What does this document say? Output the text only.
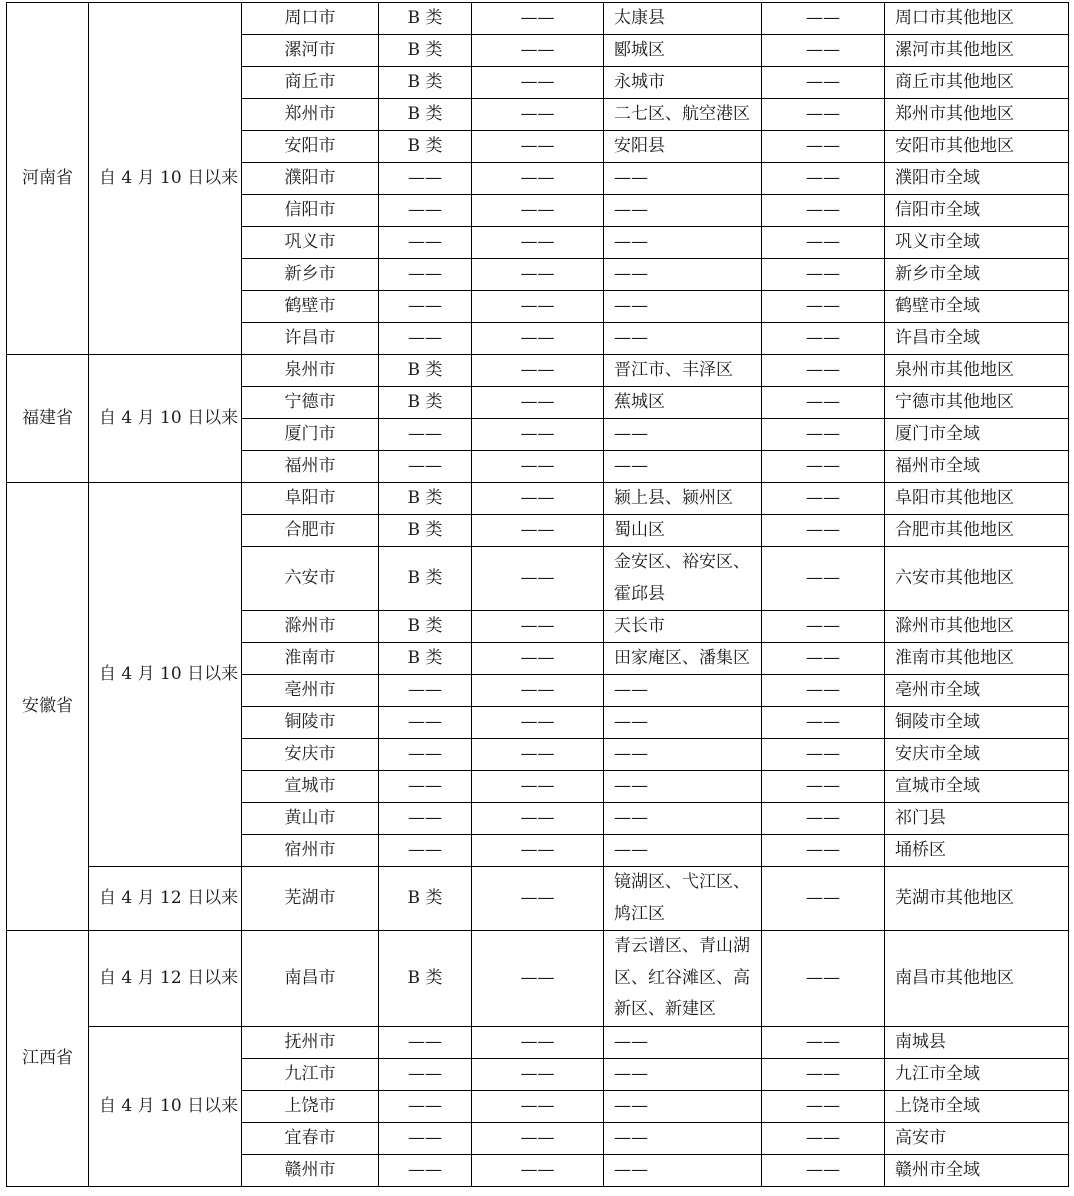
河南省	自 4 月 10 日以来	周口市	B 类	——	太康县	——	周口市其他地区
		漯河市	B 类	——	郾城区	——	漯河市其他地区
		商丘市	B 类	——	永城市	——	商丘市其他地区
		郑州市	B 类	——	二七区、航空港区	——	郑州市其他地区
		安阳市	B 类	——	安阳县	——	安阳市其他地区
		濮阳市	——	——	——	——	濮阳市全域
		信阳市	——	——	——	——	信阳市全域
		巩义市	——	——	——	——	巩义市全域
		新乡市	——	——	——	——	新乡市全域
		鹤壁市	——	——	——	——	鹤壁市全域
		许昌市	——	——	——	——	许昌市全域
福建省	自 4 月 10 日以来	泉州市	B 类	——	晋江市、丰泽区	——	泉州市其他地区
		宁德市	B 类	——	蕉城区	——	宁德市其他地区
		厦门市	——	——	——	——	厦门市全域
		福州市	——	——	——	——	福州市全域
安徽省	自 4 月 10 日以来	阜阳市	B 类	——	颍上县、颍州区	——	阜阳市其他地区
		合肥市	B 类	——	蜀山区	——	合肥市其他地区
		六安市	B 类	——	金安区、裕安区、霍邱县	——	六安市其他地区
		滁州市	B 类	——	天长市	——	滁州市其他地区
		淮南市	B 类	——	田家庵区、潘集区	——	淮南市其他地区
		亳州市	——	——	——	——	亳州市全域
		铜陵市	——	——	——	——	铜陵市全域
		安庆市	——	——	——	——	安庆市全域
		宣城市	——	——	——	——	宣城市全域
		黄山市	——	——	——	——	祁门县
		宿州市	——	——	——	——	埇桥区
	自 4 月 12 日以来	芜湖市	B 类	——	镜湖区、弋江区、鸠江区	——	芜湖市其他地区
江西省	自 4 月 12 日以来	南昌市	B 类	——	青云谱区、青山湖区、红谷滩区、高新区、新建区	——	南昌市其他地区
	自 4 月 10 日以来	抚州市	——	——	——	——	南城县
		九江市	——	——	——	——	九江市全域
		上饶市	——	——	——	——	上饶市全域
		宜春市	——	——	——	——	高安市
		赣州市	——	——	——	——	赣州市全域
